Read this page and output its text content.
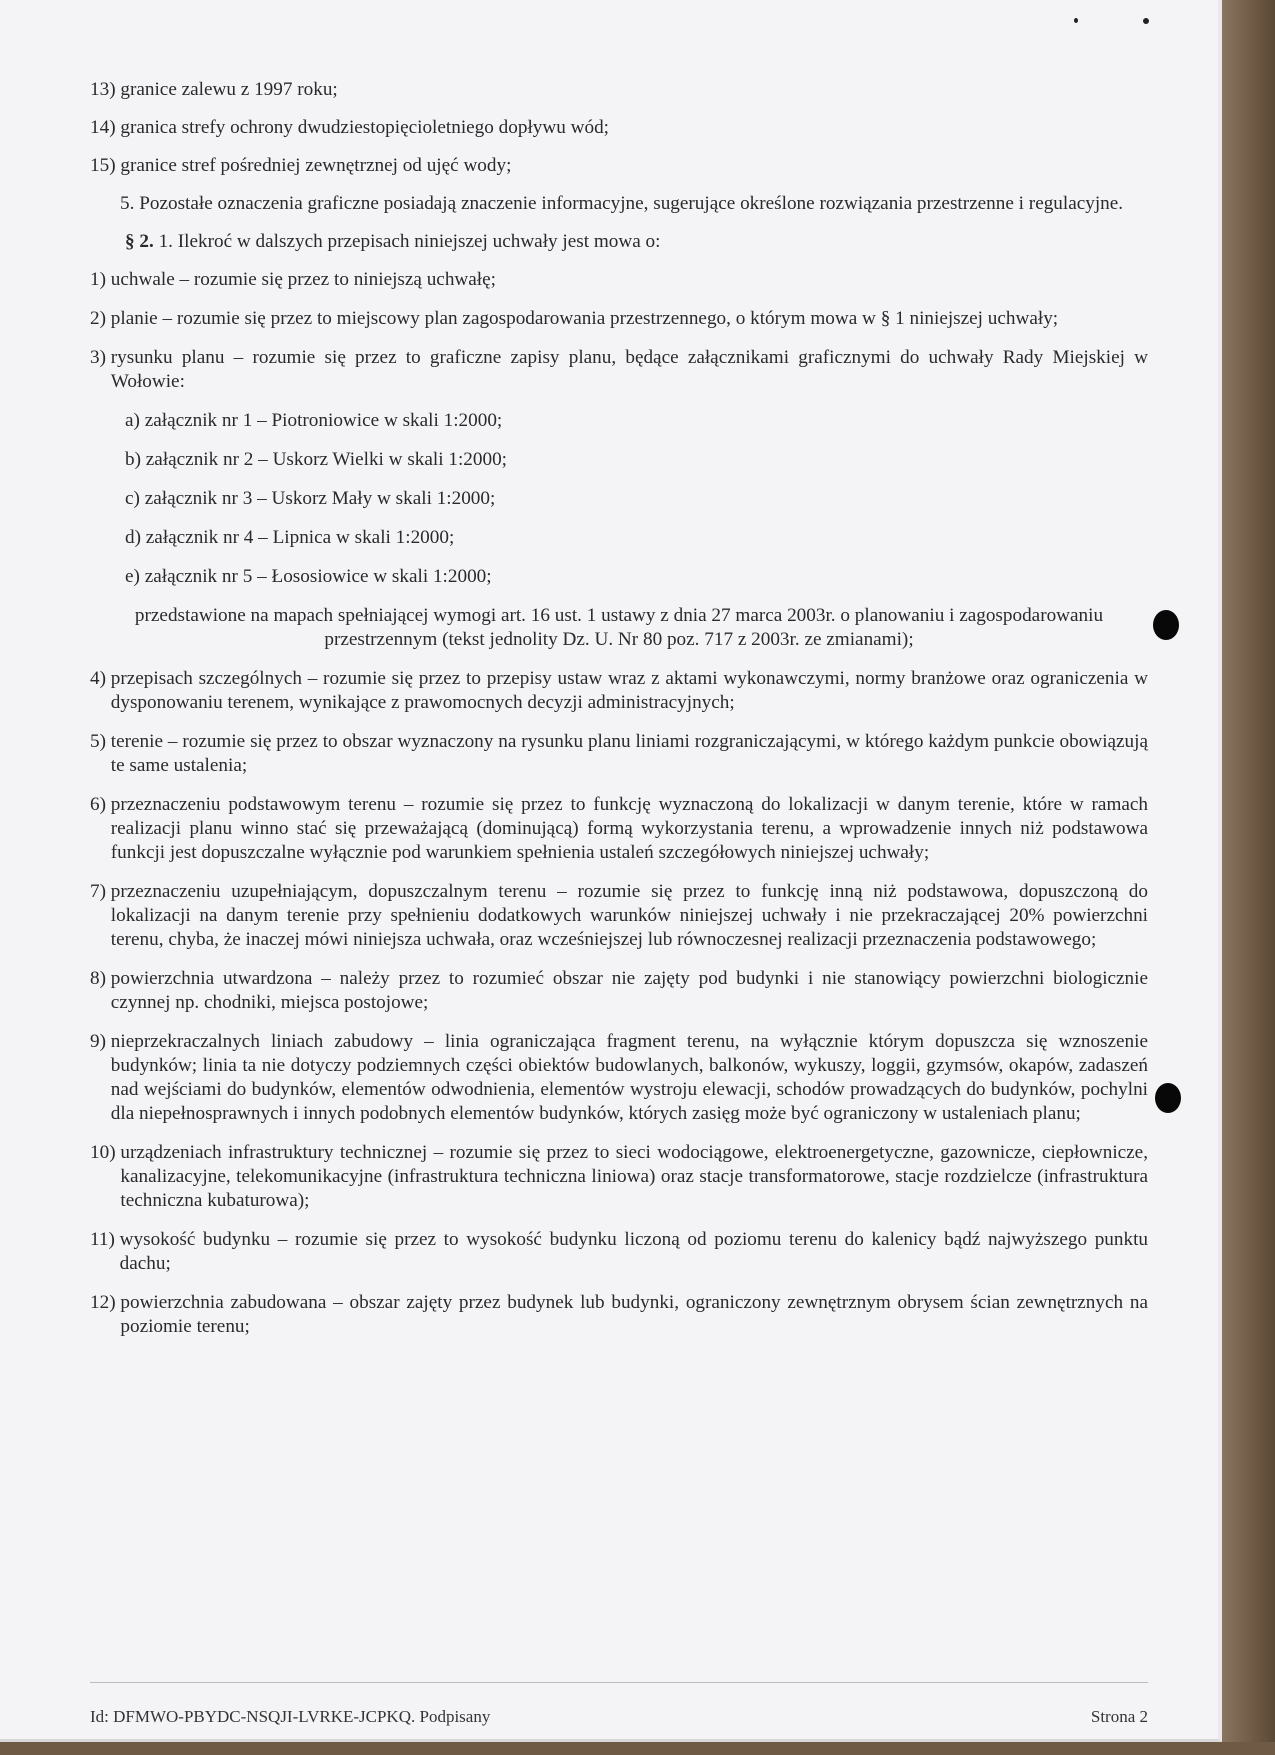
13) granice zalewu z 1997 roku;
14) granica strefy ochrony dwudziestopięcioletniego dopływu wód;
15) granice stref pośredniej zewnętrznej od ujęć wody;
5. Pozostałe oznaczenia graficzne posiadają znaczenie informacyjne, sugerujące określone rozwiązania przestrzenne i regulacyjne.
§ 2. 1. Ilekroć w dalszych przepisach niniejszej uchwały jest mowa o:
1) uchwale – rozumie się przez to niniejszą uchwałę;
2) planie – rozumie się przez to miejscowy plan zagospodarowania przestrzennego, o którym mowa w § 1 niniejszej uchwały;
3) rysunku planu – rozumie się przez to graficzne zapisy planu, będące załącznikami graficznymi do uchwały Rady Miejskiej w Wołowie:
a) załącznik nr 1 – Piotroniowice w skali 1:2000;
b) załącznik nr 2 – Uskorz Wielki w skali 1:2000;
c) załącznik nr 3 – Uskorz Mały w skali 1:2000;
d) załącznik nr 4 – Lipnica w skali 1:2000;
e) załącznik nr 5 – Łososiowice w skali 1:2000;
przedstawione na mapach spełniającej wymogi art. 16 ust. 1 ustawy z dnia 27 marca 2003r. o planowaniu i zagospodarowaniu przestrzennym (tekst jednolity Dz. U. Nr 80 poz. 717 z 2003r. ze zmianami);
4) przepisach szczególnych – rozumie się przez to przepisy ustaw wraz z aktami wykonawczymi, normy branżowe oraz ograniczenia w dysponowaniu terenem, wynikające z prawomocnych decyzji administracyjnych;
5) terenie – rozumie się przez to obszar wyznaczony na rysunku planu liniami rozgraniczającymi, w którego każdym punkcie obowiązują te same ustalenia;
6) przeznaczeniu podstawowym terenu – rozumie się przez to funkcję wyznaczoną do lokalizacji w danym terenie, które w ramach realizacji planu winno stać się przeważającą (dominującą) formą wykorzystania terenu, a wprowadzenie innych niż podstawowa funkcji jest dopuszczalne wyłącznie pod warunkiem spełnienia ustaleń szczegółowych niniejszej uchwały;
7) przeznaczeniu uzupełniającym, dopuszczalnym terenu – rozumie się przez to funkcję inną niż podstawowa, dopuszczoną do lokalizacji na danym terenie przy spełnieniu dodatkowych warunków niniejszej uchwały i nie przekraczającej 20% powierzchni terenu, chyba, że inaczej mówi niniejsza uchwała, oraz wcześniejszej lub równoczesnej realizacji przeznaczenia podstawowego;
8) powierzchnia utwardzona – należy przez to rozumieć obszar nie zajęty pod budynki i nie stanowiący powierzchni biologicznie czynnej np. chodniki, miejsca postojowe;
9) nieprzekraczalnych liniach zabudowy – linia ograniczająca fragment terenu, na wyłącznie którym dopuszcza się wznoszenie budynków; linia ta nie dotyczy podziemnych części obiektów budowlanych, balkonów, wykuszy, loggii, gzymsów, okapów, zadaszeń nad wejściami do budynków, elementów odwodnienia, elementów wystroju elewacji, schodów prowadzących do budynków, pochylni dla niepełnosprawnych i innych podobnych elementów budynków, których zasięg może być ograniczony w ustaleniach planu;
10) urządzeniach infrastruktury technicznej – rozumie się przez to sieci wodociągowe, elektroenergetyczne, gazownicze, ciepłownicze, kanalizacyjne, telekomunikacyjne (infrastruktura techniczna liniowa) oraz stacje transformatorowe, stacje rozdzielcze (infrastruktura techniczna kubaturowa);
11) wysokość budynku – rozumie się przez to wysokość budynku liczoną od poziomu terenu do kalenicy bądź najwyższego punktu dachu;
12) powierzchnia zabudowana – obszar zajęty przez budynek lub budynki, ograniczony zewnętrznym obrysem ścian zewnętrznych na poziomie terenu;
Id: DFMWO-PBYDC-NSQJI-LVRKE-JCPKQ. Podpisany	Strona 2
